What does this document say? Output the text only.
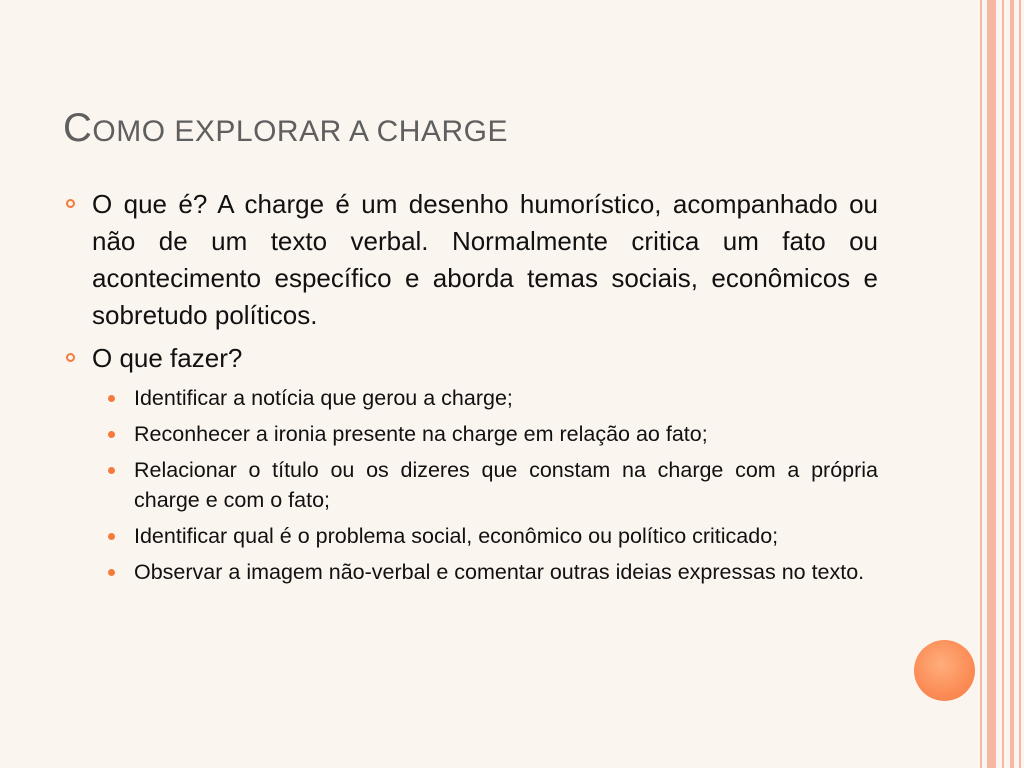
COMO EXPLORAR A CHARGE
O que é? A charge é um desenho humorístico, acompanhado ou não de um texto verbal. Normalmente critica um fato ou acontecimento específico e aborda temas sociais, econômicos e sobretudo políticos.
O que fazer?
Identificar a notícia que gerou a charge;
Reconhecer a ironia presente na charge em relação ao fato;
Relacionar o título ou os dizeres que constam na charge com a própria charge e com o fato;
Identificar qual é o problema social, econômico ou político criticado;
Observar a imagem não-verbal e comentar outras ideias expressas no texto.
